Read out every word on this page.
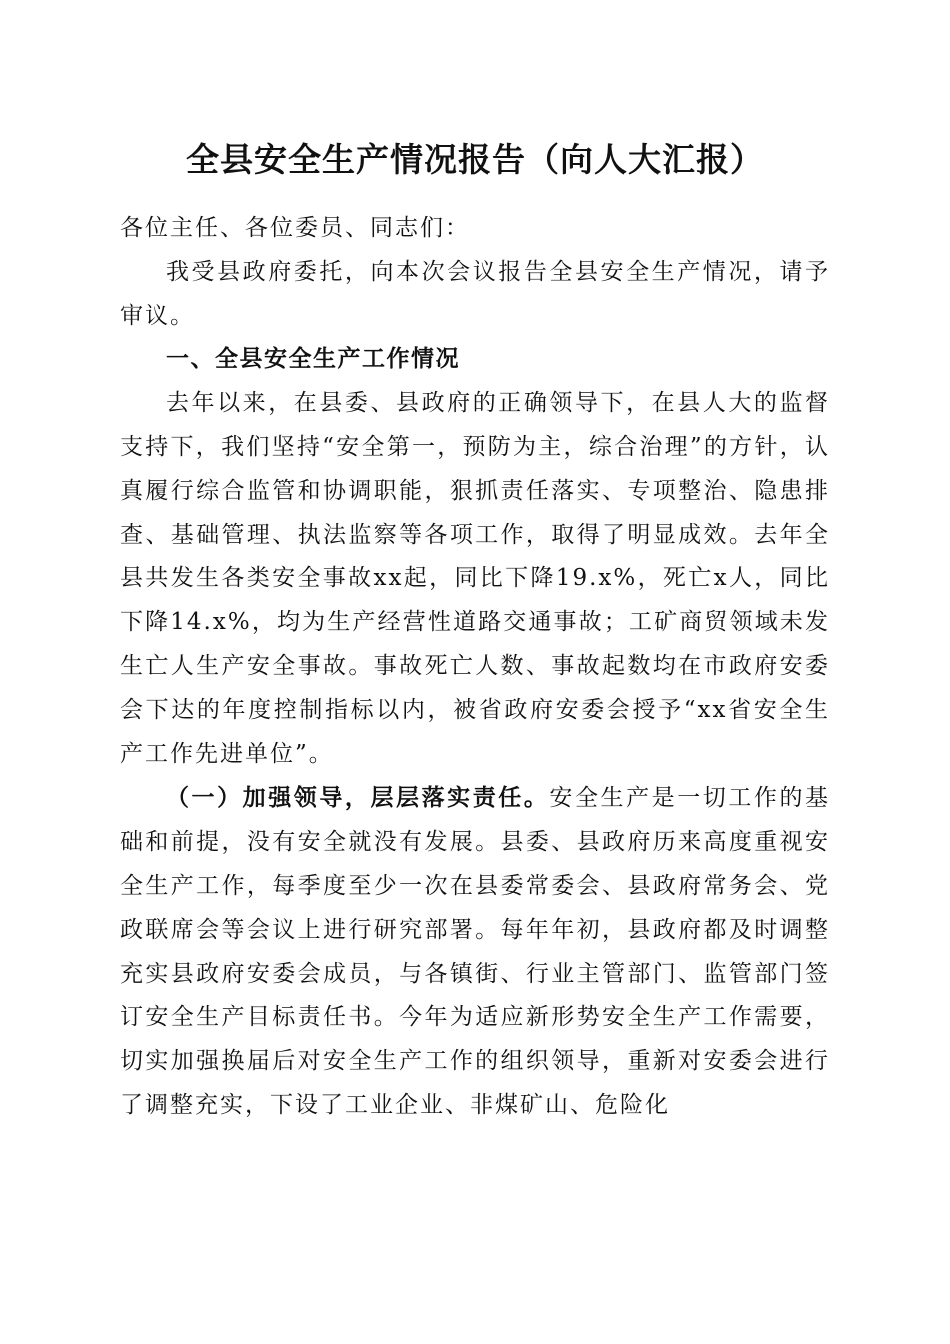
全县安全生产情况报告（向人大汇报）

各位主任、各位委员、同志们：

我受县政府委托，向本次会议报告全县安全生产情况，请予审议。

一、全县安全生产工作情况

去年以来，在县委、县政府的正确领导下，在县人大的监督支持下，我们坚持“安全第一，预防为主，综合治理”的方针，认真履行综合监管和协调职能，狠抓责任落实、专项整治、隐患排查、基础管理、执法监察等各项工作，取得了明显成效。去年全县共发生各类安全事故xx起，同比下降19.x%，死亡x人，同比下降14.x%，均为生产经营性道路交通事故；工矿商贸领域未发生亡人生产安全事故。事故死亡人数、事故起数均在市政府安委会下达的年度控制指标以内，被省政府安委会授予“xx省安全生产工作先进单位”。

（一）加强领导，层层落实责任。安全生产是一切工作的基础和前提，没有安全就没有发展。县委、县政府历来高度重视安全生产工作，每季度至少一次在县委常委会、县政府常务会、党政联席会等会议上进行研究部署。每年年初，县政府都及时调整充实县政府安委会成员，与各镇街、行业主管部门、监管部门签订安全生产目标责任书。今年为适应新形势安全生产工作需要，切实加强换届后对安全生产工作的组织领导，重新对安委会进行了调整充实，下设了工业企业、非煤矿山、危险化
